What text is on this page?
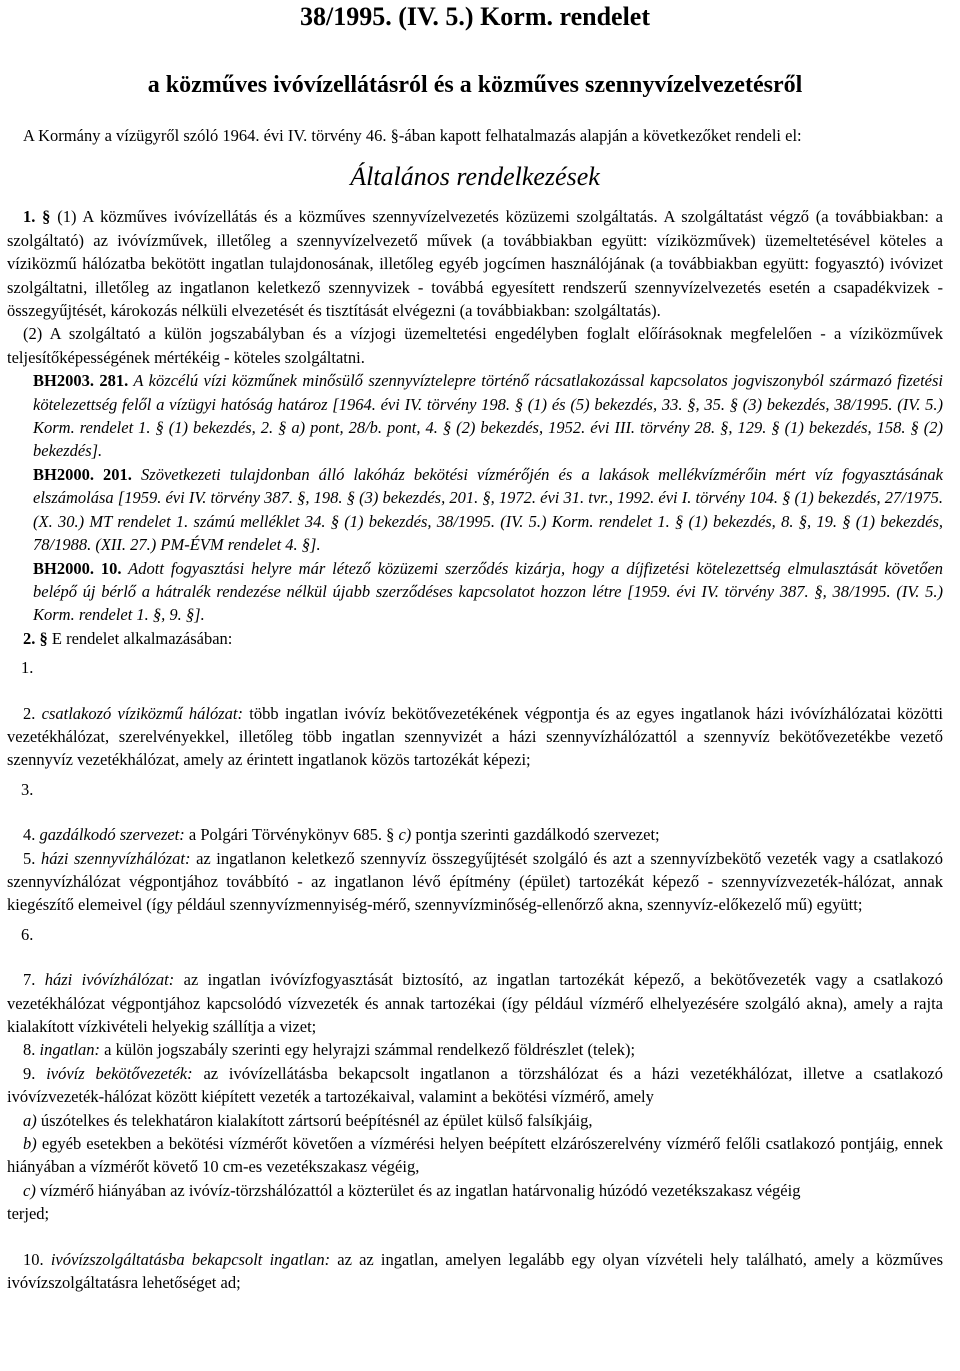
38/1995. (IV. 5.) Korm. rendelet
a közműves ivóvízellátásról és a közműves szennyvízelvezetésről

A Kormány a vízügyről szóló 1964. évi IV. törvény 46. §-ában kapott felhatalmazás alapján a következőket rendeli el:

Általános rendelkezések

1. § (1) A közműves ivóvízellátás és a közműves szennyvízelvezetés közüzemi szolgáltatás. A szolgáltatást végző (a továbbiakban: a szolgáltató) az ivóvízművek, illetőleg a szennyvízelvezető művek (a továbbiakban együtt: víziközművek) üzemeltetésével köteles a víziközmű hálózatba bekötött ingatlan tulajdonosának, illetőleg egyéb jogcímen használójának (a továbbiakban együtt: fogyasztó) ivóvizet szolgáltatni, illetőleg az ingatlanon keletkező szennyvizek - továbbá egyesített rendszerű szennyvízelvezetés esetén a csapadékvizek - összegyűjtését, károkozás nélküli elvezetését és tisztítását elvégezni (a továbbiakban: szolgáltatás).

(2) A szolgáltató a külön jogszabályban és a vízjogi üzemeltetési engedélyben foglalt előírásoknak megfelelően - a víziközművek teljesítőképességének mértékéig - köteles szolgáltatni.

BH2003. 281. A közcélú vízi közműnek minősülő szennyvíztelepre történő rácsatlakozással kapcsolatos jogviszonyból származó fizetési kötelezettség felől a vízügyi hatóság határoz [1964. évi IV. törvény 198. § (1) és (5) bekezdés, 33. §, 35. § (3) bekezdés, 38/1995. (IV. 5.) Korm. rendelet 1. § (1) bekezdés, 2. § a) pont, 28/b. pont, 4. § (2) bekezdés, 1952. évi III. törvény 28. §, 129. § (1) bekezdés, 158. § (2) bekezdés].

BH2000. 201. Szövetkezeti tulajdonban álló lakóház bekötési vízmérőjén és a lakások mellékvízmérőin mért víz fogyasztásának elszámolása [1959. évi IV. törvény 387. §, 198. § (3) bekezdés, 201. §, 1972. évi 31. tvr., 1992. évi I. törvény 104. § (1) bekezdés, 27/1975. (X. 30.) MT rendelet 1. számú melléklet 34. § (1) bekezdés, 38/1995. (IV. 5.) Korm. rendelet 1. § (1) bekezdés, 8. §, 19. § (1) bekezdés, 78/1988. (XII. 27.) PM-ÉVM rendelet 4. §].

BH2000. 10. Adott fogyasztási helyre már létező közüzemi szerződés kizárja, hogy a díjfizetési kötelezettség elmulasztását követően belépő új bérlő a hátralék rendezése nélkül újabb szerződéses kapcsolatot hozzon létre [1959. évi IV. törvény 387. §, 38/1995. (IV. 5.) Korm. rendelet 1. §, 9. §].

2. § E rendelet alkalmazásában:

1.

2. csatlakozó víziközmű hálózat: több ingatlan ivóvíz bekötővezetékének végpontja és az egyes ingatlanok házi ivóvízhálózatai közötti vezetékhálózat, szerelvényekkel, illetőleg több ingatlan szennyvizét a házi szennyvízhálózattól a szennyvíz bekötővezetékbe vezető szennyvíz vezetékhálózat, amely az érintett ingatlanok közös tartozékát képezi;

3.

4. gazdálkodó szervezet: a Polgári Törvénykönyv 685. § c) pontja szerinti gazdálkodó szervezet;

5. házi szennyvízhálózat: az ingatlanon keletkező szennyvíz összegyűjtését szolgáló és azt a szennyvízbekötő vezeték vagy a csatlakozó szennyvízhálózat végpontjához továbbító - az ingatlanon lévő építmény (épület) tartozékát képező - szennyvízvezeték-hálózat, annak kiegészítő elemeivel (így például szennyvízmennyiség-mérő, szennyvízminőség-ellenőrző akna, szennyvíz-előkezelő mű) együtt;

6.

7. házi ivóvízhálózat: az ingatlan ivóvízfogyasztását biztosító, az ingatlan tartozékát képező, a bekötővezeték vagy a csatlakozó vezetékhálózat végpontjához kapcsolódó vízvezeték és annak tartozékai (így például vízmérő elhelyezésére szolgáló akna), amely a rajta kialakított vízkivételi helyekig szállítja a vizet;

8. ingatlan: a külön jogszabály szerinti egy helyrajzi számmal rendelkező földrészlet (telek);

9. ivóvíz bekötővezeték: az ivóvízellátásba bekapcsolt ingatlanon a törzshálózat és a házi vezetékhálózat, illetve a csatlakozó ivóvízvezeték-hálózat között kiépített vezeték a tartozékaival, valamint a bekötési vízmérő, amely

a) úszótelkes és telekhatáron kialakított zártsorú beépítésnél az épület külső falsíkjáig,

b) egyéb esetekben a bekötési vízmérőt követően a vízmérési helyen beépített elzárószerelvény vízmérő felőli csatlakozó pontjáig, ennek hiányában a vízmérőt követő 10 cm-es vezetékszakasz végéig,

c) vízmérő hiányában az ivóvíz-törzshálózattól a közterület és az ingatlan határvonalig húzódó vezetékszakasz végéig

terjed;

10. ivóvízszolgáltatásba bekapcsolt ingatlan: az az ingatlan, amelyen legalább egy olyan vízvételi hely található, amely a közműves ivóvízszolgáltatásra lehetőséget ad;
